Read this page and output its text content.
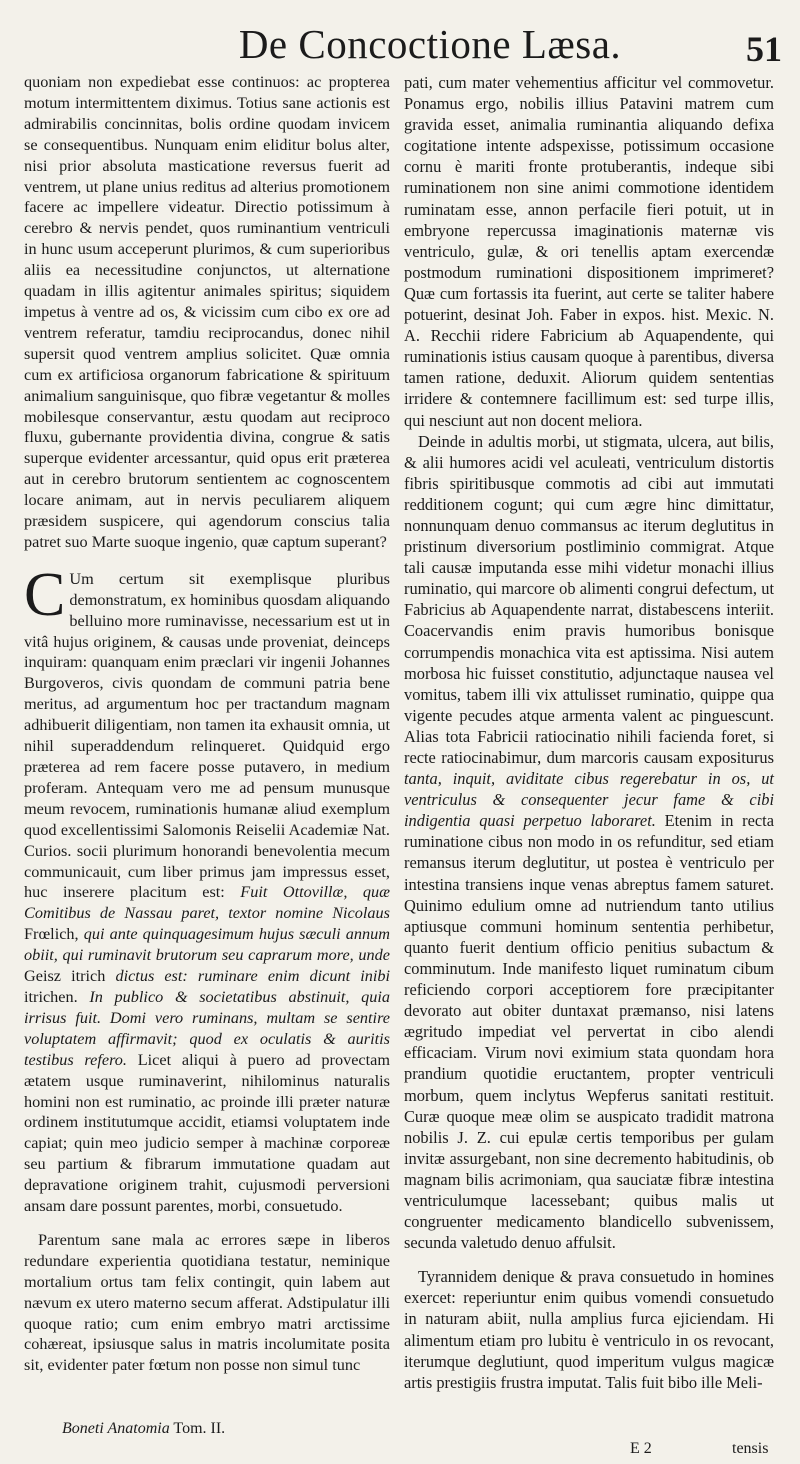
De Concoctione Læsa.	51

quoniam non expediebat esse continuos: ac propterea motum intermittentem diximus. Totius sane actionis est admirabilis concinnitas, bolis ordine quodam invicem se consequentibus. Nunquam enim eliditur bolus alter, nisi prior absoluta masticatione reversus fuerit ad ventrem, ut plane unius reditus ad alterius promotionem facere ac impellere videatur. Directio potissimum à cerebro & nervis pendet, quos ruminantium ventriculi in hunc usum acceperunt plurimos, & cum superioribus aliis ea necessitudine conjunctos, ut alternatione quadam in illis agitentur animales spiritus; siquidem impetus à ventre ad os, & vicissim cum cibo ex ore ad ventrem referatur, tamdiu reciprocandus, donec nihil supersit quod ventrem amplius solicitet. Quæ omnia cum ex artificiosa organorum fabricatione & spirituum animalium sanguinisque, quo fibræ vegetantur & molles mobilesque conservantur, æstu quodam aut reciproco fluxu, gubernante providentia divina, congrue & satis superque evidenter arcessantur, quid opus erit præterea aut in cerebro brutorum sentientem ac cognoscentem locare animam, aut in nervis peculiarem aliquem præsidem suspicere, qui agendorum conscius talia patret suo Marte suoque ingenio, quæ captum superant?

C Um certum sit exemplisque pluribus demonstratum, ex hominibus quosdam aliquando belluino more ruminavisse, necessarium est ut in vitâ hujus originem, & causas unde proveniat, deinceps inquiram: quanquam enim præclari vir ingenii Johannes Burgoveros, civis quondam de communi patria bene meritus, ad argumentum hoc per tractandum magnam adhibuerit diligentiam, non tamen ita exhausit omnia, ut nihil superaddendum relinqueret. Quidquid ergo præterea ad rem facere posse putavero, in medium proferam. Antequam vero me ad pensum munusque meum revocem, ruminationis humanæ aliud exemplum quod excellentissimi Salomonis Reiselii Academiæ Nat. Curios. socii plurimum honorandi benevolentia mecum communicauit, cum liber primus jam impressus esset, huc inserere placitum est: Fuit Ottovillæ, quæ Comitibus de Nassau paret, textor nomine Nicolaus Frœlich, qui ante quinquagesimum hujus sæculi annum obiit, qui ruminavit brutorum seu caprarum more, unde Geisz itrich dictus est: ruminare enim dicunt inibi itrichen. In publico & societatibus abstinuit, quia irrisus fuit. Domi vero ruminans, multam se sentire voluptatem affirmavit; quod ex oculatis & auritis testibus refero. Licet aliqui à puero ad provectam ætatem usque ruminaverint, nihilominus naturalis homini non est ruminatio, ac proinde illi præter naturæ ordinem institutumque accidit, etiamsi voluptatem inde capiat; quin meo judicio semper à machinæ corporeæ seu partium & fibrarum immutatione quadam aut depravatione originem trahit, cujusmodi perversioni ansam dare possunt parentes, morbi, consuetudo.

Parentum sane mala ac errores sæpe in liberos redundare experientia quotidiana testatur, neminique mortalium ortus tam felix contingit, quin labem aut nævum ex utero materno secum afferat. Adstipulatur illi quoque ratio; cum enim embryo matri arctissime cohæreat, ipsiusque salus in matris incolumitate posita sit, evidenter pater fœtum non posse non simul tunc

pati, cum mater vehementius afficitur vel commovetur. Ponamus ergo, nobilis illius Patavini matrem cum gravida esset, animalia ruminantia aliquando defixa cogitatione intente adspexisse, potissimum occasione cornu è mariti fronte protuberantis, indeque sibi ruminationem non sine animi commotione identidem ruminatam esse, annon perfacile fieri potuit, ut in embryone repercussa imaginationis maternæ vis ventriculo, gulæ, & ori tenellis aptam exercendæ postmodum ruminationi dispositionem imprimeret? Quæ cum fortassis ita fuerint, aut certe se taliter habere potuerint, desinat Joh. Faber in expos. hist. Mexic. N. A. Recchii ridere Fabricium ab Aquapendente, qui ruminationis istius causam quoque à parentibus, diversa tamen ratione, deduxit. Aliorum quidem sententias irridere & contemnere facillimum est: sed turpe illis, qui nesciunt aut non docent meliora.

Deinde in adultis morbi, ut stigmata, ulcera, aut bilis, & alii humores acidi vel aculeati, ventriculum distortis fibris spiritibusque commotis ad cibi aut immutati redditionem cogunt; qui cum ægre hinc dimittatur, nonnunquam denuo commansus ac iterum deglutitus in pristinum diversorium postliminio commigrat. Atque tali causæ imputanda esse mihi videtur monachi illius ruminatio, qui marcore ob alimenti congrui defectum, ut Fabricius ab Aquapendente narrat, distabescens interiit. Coacervandis enim pravis humoribus bonisque corrumpendis monachica vita est aptissima. Nisi autem morbosa hic fuisset constitutio, adjunctaque nausea vel vomitus, tabem illi vix attulisset ruminatio, quippe qua vigente pecudes atque armenta valent ac pinguescunt. Alias tota Fabricii ratiocinatio nihili facienda foret, si recte ratiocinabimur, dum marcoris causam expositurus tanta, inquit, aviditate cibus regerebatur in os, ut ventriculus & consequenter jecur fame & cibi indigentia quasi perpetuo laboraret. Etenim in recta ruminatione cibus non modo in os refunditur, sed etiam remansus iterum deglutitur, ut postea è ventriculo per intestina transiens inque venas abreptus famem saturet. Quinimo edulium omne ad nutriendum tanto utilius aptiusque communi hominum sententia perhibetur, quanto fuerit dentium officio penitius subactum & comminutum. Inde manifesto liquet ruminatum cibum reficiendo corpori acceptiorem fore præcipitanter devorato aut obiter duntaxat præmanso, nisi latens ægritudo impediat vel pervertat in cibo alendi efficaciam. Virum novi eximium stata quondam hora prandium quotidie eructantem, propter ventriculi morbum, quem inclytus Wepferus sanitati restituit. Curæ quoque meæ olim se auspicato tradidit matrona nobilis J. Z. cui epulæ certis temporibus per gulam invitæ assurgebant, non sine decremento habitudinis, ob magnam bilis acrimoniam, qua sauciatæ fibræ intestina ventriculumque lacessebant; quibus malis ut congruenter medicamento blandicello subvenissem, secunda valetudo denuo affulsit.

Tyrannidem denique & prava consuetudo in homines exercet: reperiuntur enim quibus vomendi consuetudo in naturam abiit, nulla amplius furca ejiciendam. Hi alimentum etiam pro lubitu è ventriculo in os revocant, iterumque deglutiunt, quod imperitum vulgus magicæ artis prestigiis frustra imputat. Talis fuit bibo ille Meli-

Boneti Anatomia Tom. II.
E 2	tensis
